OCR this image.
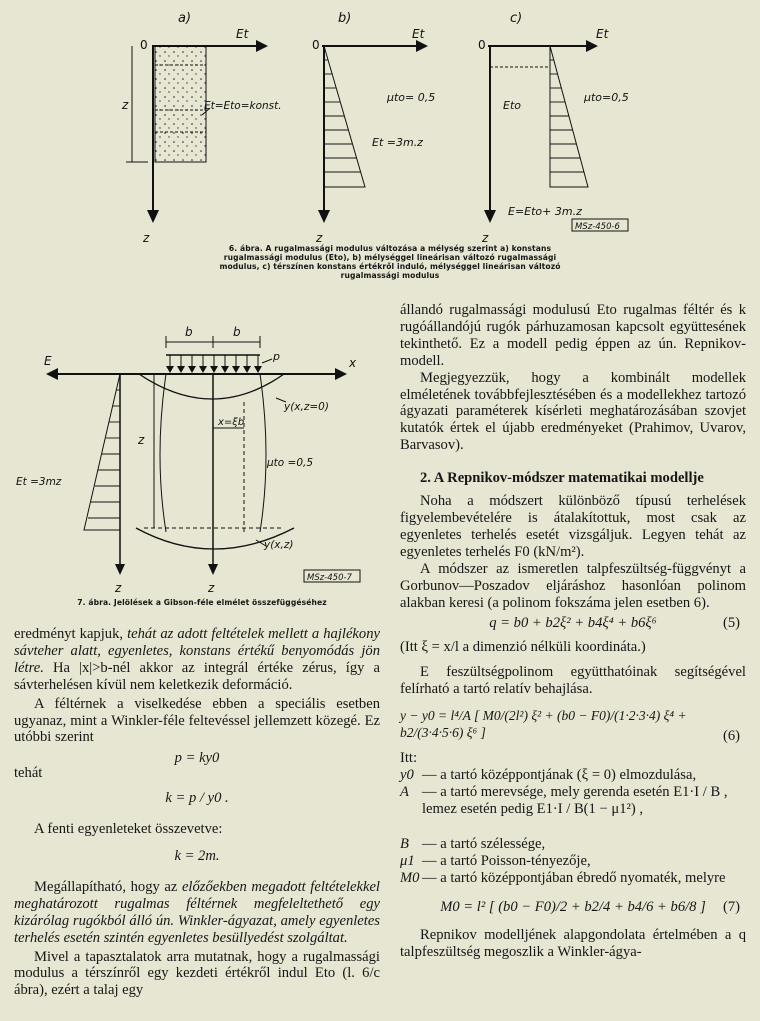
a)
0
Et
z
z	Et=Eto=konst.
b)
0
Et
z
μto= 0,5
Et =3m.z
c)
0
Et
z
Eto
μto=0,5
E=Eto+ 3m.z
MSz-450-6
6. ábra. A rugalmassági modulus változása a mélység szerint a) konstans rugalmassági modulus (Eto), b) mélységgel lineárisan változó rugalmassági modulus, c) térszínen konstans értékről induló, mélységgel lineárisan változó rugalmassági modulus
E	x
z
Et =3mz
b	b
p
y(x,z=0)
z
x=ξb
z
μto =0,5
y(x,z)
MSz-450-7
7. ábra. Jelölések a Gibson-féle elmélet összefüggéséhez

eredményt kapjuk, tehát az adott feltételek mellett a hajlékony sávteher alatt, egyenletes, konstans értékű benyomódás jön létre. Ha |x|>b-nél akkor az integrál értéke zérus, így a sávterhelésen kívül nem keletkezik deformáció.

A féltérnek a viselkedése ebben a speciális esetben ugyanaz, mint a Winkler-féle feltevéssel jellemzett közegé. Ez utóbbi szerint

p = ky0

tehát

k = p / y0 .

A fenti egyenleteket összevetve:

k = 2m.

Megállapítható, hogy az előzőekben megadott feltételekkel meghatározott rugalmas féltérnek megfeleltethető egy kizárólag rugókból álló ún. Winkler-ágyazat, amely egyenletes terhelés esetén szintén egyenletes besüllyedést szolgáltat.

Mivel a tapasztalatok arra mutatnak, hogy a rugalmassági modulus a térszínről egy kezdeti értékről indul Eto (l. 6/c ábra), ezért a talaj egy

állandó rugalmassági modulusú Eto rugalmas féltér és k rugóállandójú rugók párhuzamosan kapcsolt együttesének tekinthető. Ez a modell pedig éppen az ún. Repnikov-modell.

Megjegyezzük, hogy a kombinált modellek elméletének továbbfejlesztésében és a modellekhez tartozó ágyazati paraméterek kísérleti meghatározásában szovjet kutatók értek el újabb eredményeket (Prahimov, Uvarov, Barvasov).

2. A Repnikov-módszer matematikai modellje

Noha a módszert különböző típusú terhelések figyelembevételére is átalakítottuk, most csak az egyenletes terhelés esetét vizsgáljuk. Legyen tehát az egyenletes terhelés F0 (kN/m²).

A módszer az ismeretlen talpfeszültség-függvényt a Gorbunov—Poszadov eljáráshoz hasonlóan polinom alakban keresi (a polinom fokszáma jelen esetben 6).

q = b0 + b2ξ² + b4ξ⁴ + b6ξ⁶	(5)

(Itt ξ = x/l a dimenzió nélküli koordináta.)

E feszültségpolinom együtthatóinak segítségével felírható a tartó relatív behajlása.

y − y0 = l⁴/A [ M0/(2l²) ξ² + (b0 − F0)/(1·2·3·4) ξ⁴ + b2/(3·4·5·6) ξ⁶ ]	(6)

Itt:

y0 — a tartó középpontjának (ξ = 0) elmozdulása,
A — a tartó merevsége, mely gerenda esetén E1·I / B , lemez esetén pedig E1·I / B(1 − μ1²) ,
B — a tartó szélessége,
μ1 — a tartó Poisson-tényezője,
M0 — a tartó középpontjában ébredő nyomaték, melyre
M0 = l² [ (b0 − F0)/2 + b2/4 + b4/6 + b6/8 ]	(7)

Repnikov modelljének alapgondolata értelmében a q talpfeszültség megoszlik a Winkler-ágya-
